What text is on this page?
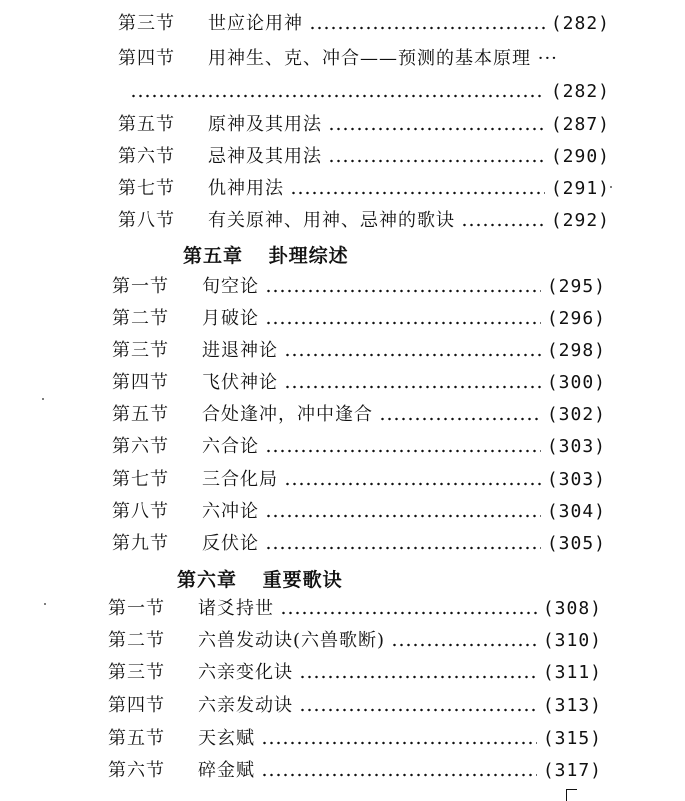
第三节	世应论用神	(282)
第四节	用神生、克、冲合——预测的基本原理 ···
(282)
第五节	原神及其用法	(287)
第六节	忌神及其用法	(290)
第七节	仇神用法	(291)
第八节	有关原神、用神、忌神的歌诀	(292)
第五章 卦理综述
第一节	旬空论	(295)
第二节	月破论	(296)
第三节	进退神论	(298)
第四节	飞伏神论	(300)
第五节	合处逢冲，冲中逢合	(302)
第六节	六合论	(303)
第七节	三合化局	(303)
第八节	六冲论	(304)
第九节	反伏论	(305)
第六章 重要歌诀
第一节	诸爻持世	(308)
第二节	六兽发动诀(六兽歌断)	(310)
第三节	六亲变化诀	(311)
第四节	六亲发动诀	(313)
第五节	天玄赋	(315)
第六节	碎金赋	(317)
